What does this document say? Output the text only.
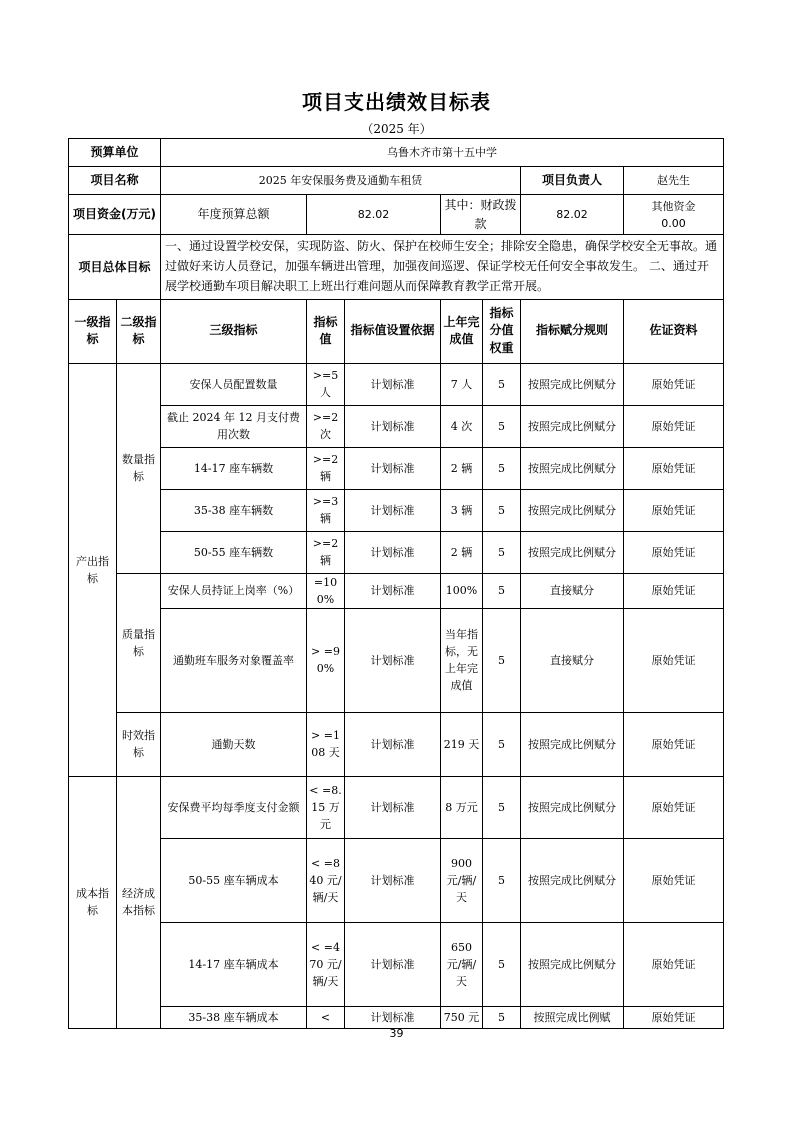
项目支出绩效目标表
（2025 年）
预算单位		乌鲁木齐市第十五中学						
项目名称		2025 年安保服务费及通勤车租赁					项目负责人	赵先生
项目资金(万元)		年度预算总额	82.02		其中：财政拨款		82.02	其他资金
0.00
项目总体目标		一、通过设置学校安保，实现防盗、防火、保护在校师生安全；排除安全隐患，确保学校安全无事故。通过做好来访人员登记，加强车辆进出管理，加强夜间巡逻、保证学校无任何安全事故发生。 二、通过开展学校通勤车项目解决职工上班出行难问题从而保障教育教学正常开展。						
一级指标	二级指标	三级指标	指标值	指标值设置依据	上年完成值	指标分值权重	指标赋分规则	佐证资料
产出指标	数量指标	安保人员配置数量	>=5 人	计划标准	7 人	5	按照完成比例赋分	原始凭证
		截止 2024 年 12 月支付费用次数	>=2 次	计划标准	4 次	5	按照完成比例赋分	原始凭证
		14-17 座车辆数	>=2 辆	计划标准	2 辆	5	按照完成比例赋分	原始凭证
		35-38 座车辆数	>=3 辆	计划标准	3 辆	5	按照完成比例赋分	原始凭证
		50-55 座车辆数	>=2 辆	计划标准	2 辆	5	按照完成比例赋分	原始凭证
	质量指标	安保人员持证上岗率（%）	=100%	计划标准	100%	5	直接赋分	原始凭证
		通勤班车服务对象覆盖率	> =90%	计划标准	当年指标，无上年完成值	5	直接赋分	原始凭证
	时效指标	通勤天数	> =108 天	计划标准	219 天	5	按照完成比例赋分	原始凭证
成本指标	经济成本指标	安保费平均每季度支付金额	< =8.15 万元	计划标准	8 万元	5	按照完成比例赋分	原始凭证
		50-55 座车辆成本	< =840 元/辆/天	计划标准	900 元/辆/天	5	按照完成比例赋分	原始凭证
		14-17 座车辆成本	< =470 元/辆/天	计划标准	650 元/辆/天	5	按照完成比例赋分	原始凭证
		35-38 座车辆成本	<	计划标准	750 元	5	按照完成比例赋	原始凭证
39
